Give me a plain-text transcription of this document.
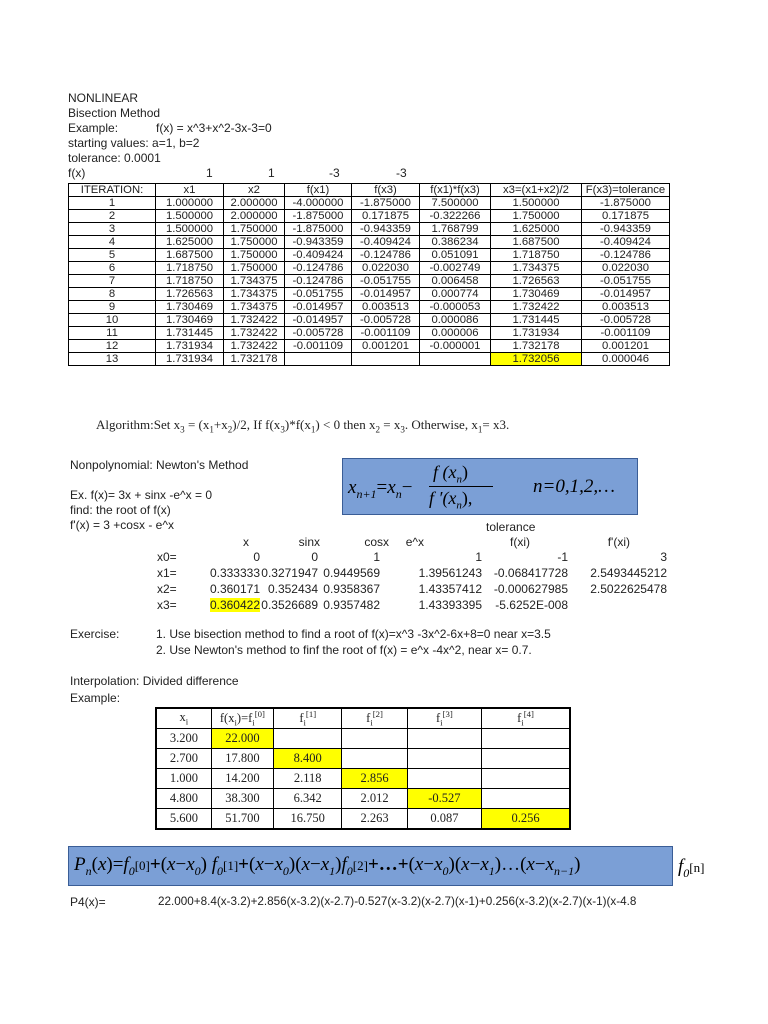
NONLINEAR
Bisection Method
Example:	f(x) = x^3+x^2-3x-3=0
starting values: a=1, b=2
tolerance: 0.0001
f(x)	1	1	-3	-3
ITERATION:	x1	x2	f(x1)	f(x3)	f(x1)*f(x3)	x3=(x1+x2)/2	F(x3)=tolerance
1	1.000000	2.000000	-4.000000	-1.875000	7.500000	1.500000	-1.875000
2	1.500000	2.000000	-1.875000	0.171875	-0.322266	1.750000	0.171875
3	1.500000	1.750000	-1.875000	-0.943359	1.768799	1.625000	-0.943359
4	1.625000	1.750000	-0.943359	-0.409424	0.386234	1.687500	-0.409424
5	1.687500	1.750000	-0.409424	-0.124786	0.051091	1.718750	-0.124786
6	1.718750	1.750000	-0.124786	0.022030	-0.002749	1.734375	0.022030
7	1.718750	1.734375	-0.124786	-0.051755	0.006458	1.726563	-0.051755
8	1.726563	1.734375	-0.051755	-0.014957	0.000774	1.730469	-0.014957
9	1.730469	1.734375	-0.014957	0.003513	-0.000053	1.732422	0.003513
10	1.730469	1.732422	-0.014957	-0.005728	0.000086	1.731445	-0.005728
11	1.731445	1.732422	-0.005728	-0.001109	0.000006	1.731934	-0.001109
12	1.731934	1.732422	-0.001109	0.001201	-0.000001	1.732178	0.001201
13	1.731934	1.732178				1.732056	0.000046
Algorithm:Set $x_3 = (x_1+x_2)/2$, If $f(x_3)*f(x_1) < 0$ then $x_2 = x_3$. Otherwise, $x_1= x3$.
Nonpolynomial: Newton's Method
$x_{n+1}=x_n-$
f $(x_n)$
f $'(x_n)$,
n=0,1,2,…
Ex. f(x)= 3x + sinx -e^x = 0
find: the root of f(x)
f'(x) = 3 +cosx - e^x	tolerance
x	sinx	cosx e^x	f(xi)	f'(xi)
x0=	0	0	1	1	-1	3
x1=	0.333333 0.3271947 0.9449569	1.39561243 -0.068417728 2.5493445212
x2=	0.360171 0.352434 0.9358367	1.43357412 -0.000627985 2.5022625478
x3=	0.360422 0.3526689 0.9357482	1.43393395 -5.6252E-008
Exercise:	1. Use bisection method to find a root of f(x)=x^3 -3x^2-6x+8=0 near x=3.5
2. Use Newton's method to finf the root of f(x) = e^x -4x^2, near x= 0.7.
Interpolation: Divided difference
Example:
$x_i$	$f(x_i)=f_i[0]$	$f_i[1]$	$f_i[2]$	$f_i[3]$	$f_i[4]$
3.200	22.000				
2.700	17.800	8.400			
1.000	14.200	2.118	2.856		
4.800	38.300	6.342	2.012	-0.527	
5.600	51.700	16.750	2.263	0.087	0.256
$P_n(x)=f_0[0]+(x-x_0)$ $f_0[1]+(x-x_0)(x-x_1)f_0[2]+\dots+(x-x_0)(x-x_1)\dots(x-x_{n-1})$	$f_0[n]$
P4(x)=	22.000+8.4(x-3.2)+2.856(x-3.2)(x-2.7)-0.527(x-3.2)(x-2.7)(x-1)+0.256(x-3.2)(x-2.7)(x-1)(x-4.8
